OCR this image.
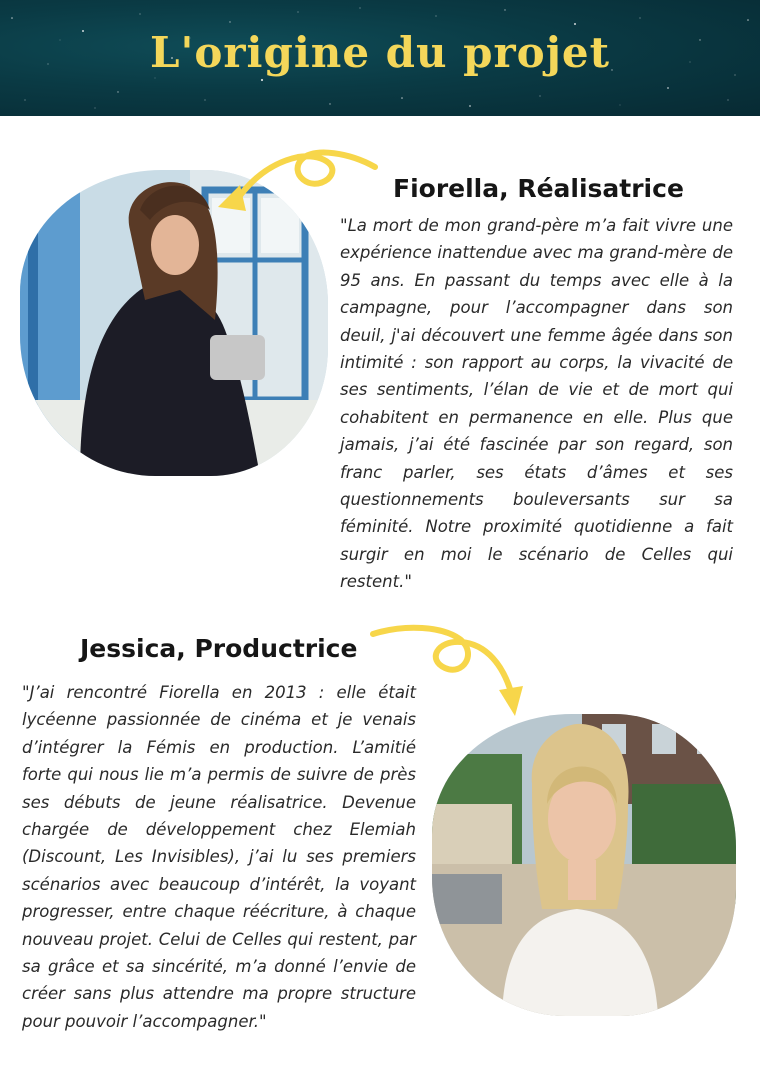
L'origine du projet
Fiorella, Réalisatrice

"La mort de mon grand-père m’a fait vivre une expérience inattendue avec ma grand-mère de 95 ans. En passant du temps avec elle à la campagne, pour l’accompagner dans son deuil, j'ai découvert une femme âgée dans son intimité : son rapport au corps, la vivacité de ses sentiments, l’élan de vie et de mort qui cohabitent en permanence en elle. Plus que jamais, j’ai été fascinée par son regard, son franc parler, ses états d’âmes et ses questionnements bouleversants sur sa féminité. Notre proximité quotidienne a fait surgir en moi le scénario de Celles qui restent."

Jessica, Productrice

"J’ai rencontré Fiorella en 2013 : elle était lycéenne passionnée de cinéma et je venais d’intégrer la Fémis en production. L’amitié forte qui nous lie m’a permis de suivre de près ses débuts de jeune réalisatrice. Devenue chargée de développement chez Elemiah (Discount, Les Invisibles), j’ai lu ses premiers scénarios avec beaucoup d’intérêt, la voyant progresser, entre chaque réécriture, à chaque nouveau projet. Celui de Celles qui restent, par sa grâce et sa sincérité, m’a donné l’envie de créer sans plus attendre ma propre structure pour pouvoir l’accompagner."
